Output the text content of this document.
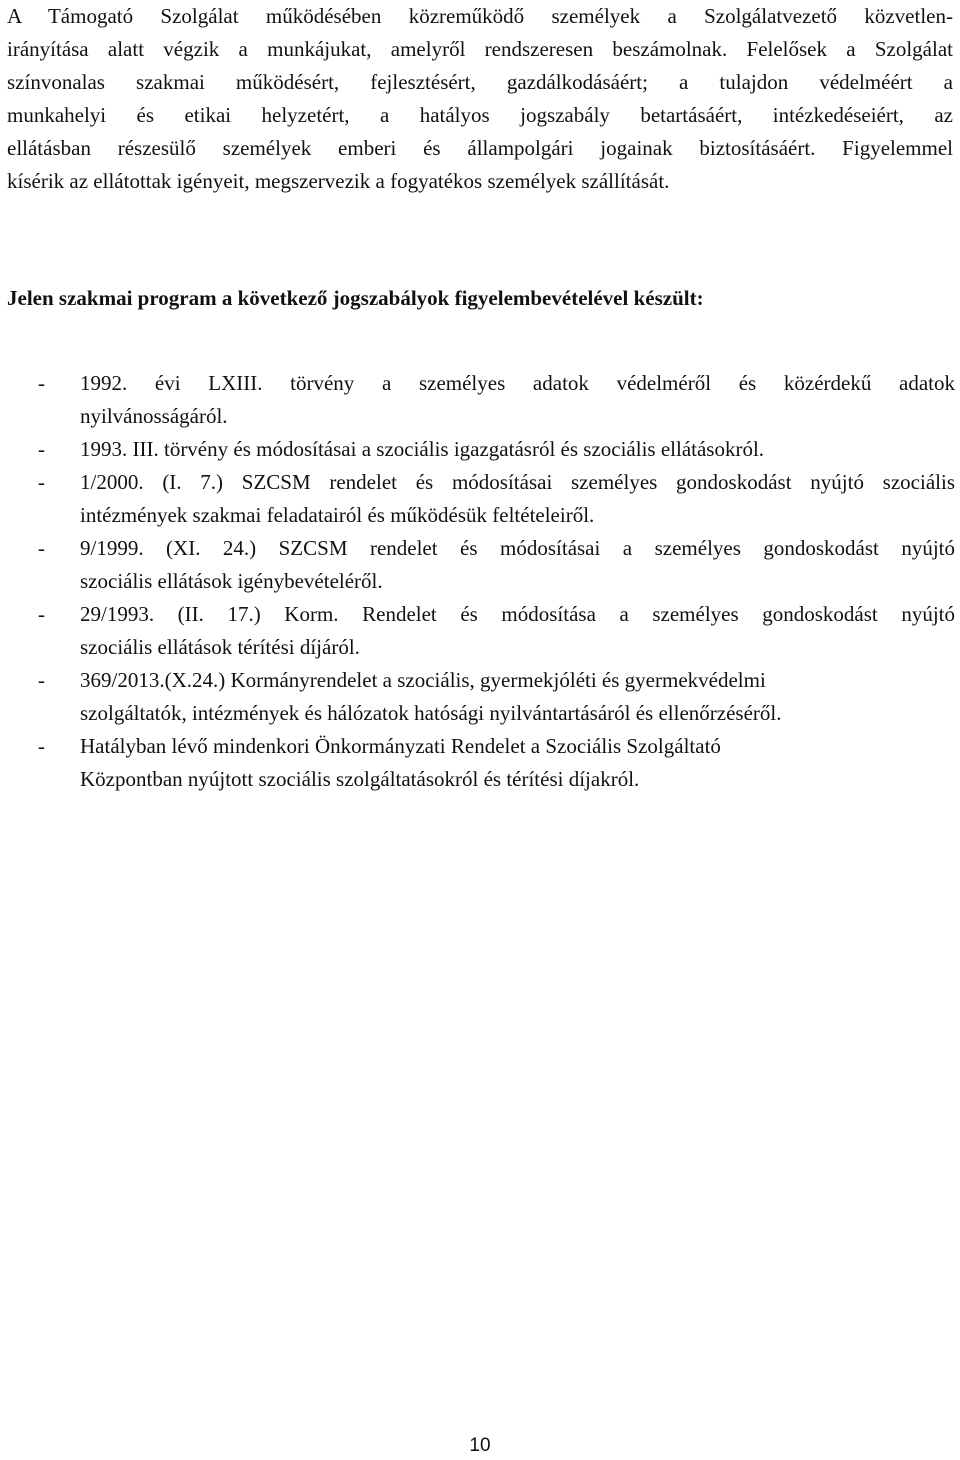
A Támogató Szolgálat működésében közreműködő személyek a Szolgálatvezető közvetlen-
irányítása alatt végzik a munkájukat, amelyről rendszeresen beszámolnak. Felelősek a Szolgálat
színvonalas szakmai működésért, fejlesztésért, gazdálkodásáért; a tulajdon védelméért a
munkahelyi és etikai helyzetért, a hatályos jogszabály betartásáért, intézkedéseiért, az
ellátásban részesülő személyek emberi és állampolgári jogainak biztosításáért. Figyelemmel
kísérik az ellátottak igényeit, megszervezik a fogyatékos személyek szállítását.

Jelen szakmai program a következő jogszabályok figyelembevételével készült:

- 1992. évi LXIII. törvény a személyes adatok védelméről és közérdekű adatok
nyilvánosságáról.
- 1993. III. törvény és módosításai a szociális igazgatásról és szociális ellátásokról.
- 1/2000. (I. 7.) SZCSM rendelet és módosításai személyes gondoskodást nyújtó szociális
intézmények szakmai feladatairól és működésük feltételeiről.
- 9/1999. (XI. 24.) SZCSM rendelet és módosításai a személyes gondoskodást nyújtó
szociális ellátások igénybevételéről.
- 29/1993. (II. 17.) Korm. Rendelet és módosítása a személyes gondoskodást nyújtó
szociális ellátások térítési díjáról.
- 369/2013.(X.24.) Kormányrendelet a szociális, gyermekjóléti és gyermekvédelmi
szolgáltatók, intézmények és hálózatok hatósági nyilvántartásáról és ellenőrzéséről.
- Hatályban lévő mindenkori Önkormányzati Rendelet a Szociális Szolgáltató
Központban nyújtott szociális szolgáltatásokról és térítési díjakról.
10
